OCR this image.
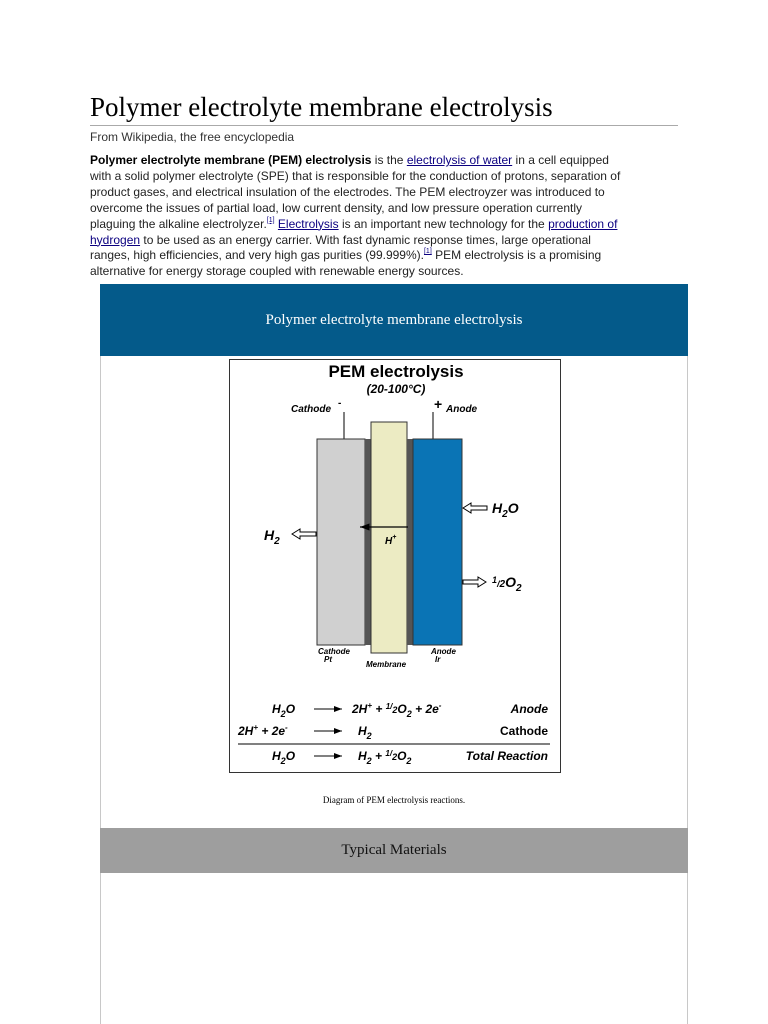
Polymer electrolyte membrane electrolysis
From Wikipedia, the free encyclopedia
Polymer electrolyte membrane (PEM) electrolysis is the electrolysis of water in a cell equipped
with a solid polymer electrolyte (SPE) that is responsible for the conduction of protons, separation of
product gases, and electrical insulation of the electrodes. The PEM electroyzer was introduced to
overcome the issues of partial load, low current density, and low pressure operation currently
plaguing the alkaline electrolyzer.[1] Electrolysis is an important new technology for the production of
hydrogen to be used as an energy carrier. With fast dynamic response times, large operational
ranges, high efficiencies, and very high gas purities (99.999%).[1] PEM electrolysis is a promising
alternative for energy storage coupled with renewable energy sources.
Polymer electrolyte membrane electrolysis
PEM electrolysis
(20-100°C)
Cathode
-	+ Anode
H+
$H_2$
$H_2O$
$^1_/2O_2$
Cathode
Pt
Membrane
Anode
Ir
$H_2O$	$2H^+ + ^1/_2O_2 + 2e^-$	Anode
2H+ + 2e-	$H_2$	Cathode
$H_2O$	$H_2 + ^1/_2O_2$	Total Reaction
Diagram of PEM electrolysis reactions.
Typical Materials
